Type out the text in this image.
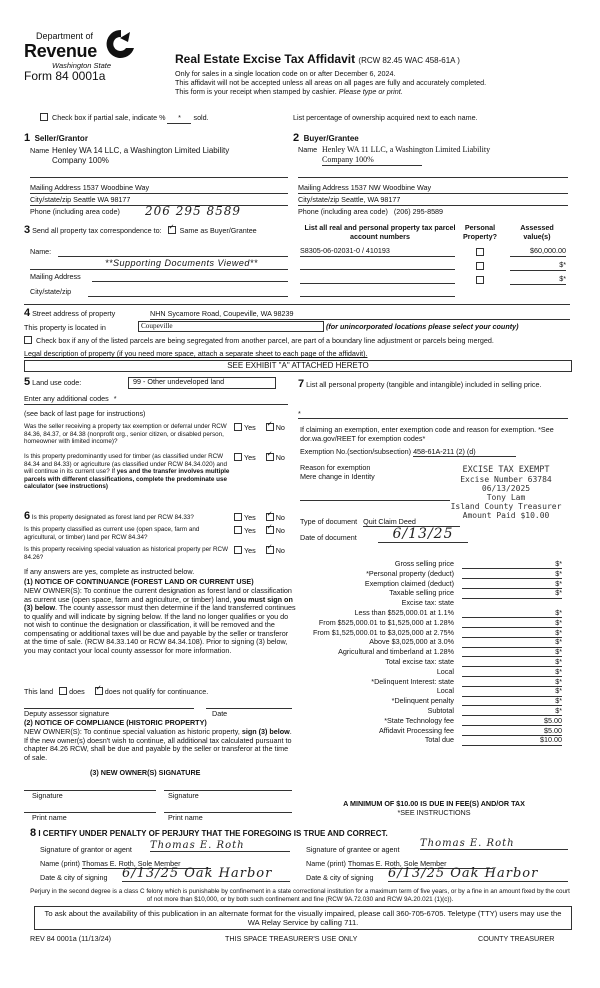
Department of
Revenue
Washington State
Form 84 0001a
Real Estate Excise Tax Affidavit (RCW 82.45 WAC 458-61A )
Only for sales in a single location code on or after December 6, 2024.
This affidavit will not be accepted unless all areas on all pages are fully and accurately completed.
This form is your receipt when stamped by cashier. Please type or print.
Check box if partial sale, indicate % * sold.	List percentage of ownership acquired next to each name.
1 Seller/Grantor
Name Henley WA 14 LLC, a Washington Limited Liability
Company 100%
Mailing Address 1537 Woodbine Way
City/state/zip Seattle WA 98177
Phone (including area code)	206 295 8589
2 Buyer/Grantee
Name Henley WA 11 LLC, a Washington Limited Liability
Company 100%
Mailing Address 1537 NW Woodbine Way
City/state/zip Seattle, WA 98177
Phone (including area code) (206) 295-8589
3 Send all property tax correspondence to: ✓	Same as Buyer/Grantee
Name:
**Supporting Documents Viewed**
Mailing Address
City/state/zip
List all real and personal property tax parcel account numbers
Personal Property?
Assessed value(s)
S8305-06-02031-0 / 410193	$60,000.00
$*
$*
4 Street address of property	NHN Sycamore Road, Coupeville, WA 98239
This property is located in	Coupeville	(for unincorporated locations please select your county)
Check box if any of the listed parcels are being segregated from another parcel, are part of a boundary line adjustment or parcels being merged.
Legal description of property (if you need more space, attach a separate sheet to each page of the affidavit).
SEE EXHIBIT "A" ATTACHED HERETO
5 Land use code:	99 - Other undeveloped land
Enter any additional codes *
(see back of last page for instructions)
Was the seller receiving a property tax exemption or deferral under RCW 84.36, 84.37, or 84.38 (nonprofit org., senior citizen, or disabled person, homeowner with limited income)?
Yes ✓	No
Is this property predominantly used for timber (as classified under RCW 84.34 and 84.33) or agriculture (as classified under RCW 84.34.020) and will continue in its current use? If yes and the transfer involves multiple parcels with different classifications, complete the predominate use calculator (see instructions)
Yes ✓	No
6 Is this property designated as forest land per RCW 84.33?	Yes ✓	No
Is this property classified as current use (open space, farm and agricultural, or timber) land per RCW 84.34?
Yes ✓	No
Is this property receiving special valuation as historical property per RCW 84.26?
Yes ✓	No
If any answers are yes, complete as instructed below.
(1) NOTICE OF CONTINUANCE (FOREST LAND OR CURRENT USE)
NEW OWNER(S): To continue the current designation as forest land or classification as current use (open space, farm and agriculture, or timber) land, you must sign on (3) below. The county assessor must then determine if the land transferred continues to qualify and will indicate by signing below. If the land no longer qualifies or you do not wish to continue the designation or classification, it will be removed and the compensating or additional taxes will be due and payable by the seller or transferor at the time of sale. (RCW 84.33.140 or RCW 84.34.108). Prior to signing (3) below, you may contact your local county assessor for more information.
This land does ✓	does not qualify for continuance.
Deputy assessor signature	Date
(2) NOTICE OF COMPLIANCE (HISTORIC PROPERTY)
NEW OWNER(S): To continue special valuation as historic property, sign (3) below. If the new owner(s) doesn't wish to continue, all additional tax calculated pursuant to chapter 84.26 RCW, shall be due and payable by the seller or transferor at the time of sale.
(3) NEW OWNER(S) SIGNATURE
Signature	Signature
Print name	Print name
7 List all personal property (tangible and intangible) included in selling price.
*
If claiming an exemption, enter exemption code and reason for exemption. *See dor.wa.gov/REET for exemption codes*
Exemption No.(section/subsection) 458-61A-211 (2) (d)
Reason for exemption
Mere change in Identity
EXCISE TAX EXEMPT
Excise Number 63784
06/13/2025
Tony Lam
Island County Treasurer
Amount Paid $10.00
Type of document Quit Claim Deed
Date of document	6/13/25
Gross selling price	$*
*Personal property (deduct)	$*
Exemption claimed (deduct)	$*
Taxable selling price	$*
Excise tax: state
Less than $525,000.01 at 1.1%	$*
From $525,000.01 to $1,525,000 at 1.28%	$*
From $1,525,000.01 to $3,025,000 at 2.75%	$*
Above $3,025,000 at 3.0%	$*
Agricultural and timberland at 1.28%	$*
Total excise tax: state	$*
Local	$*
*Delinquent Interest: state	$*
Local	$*
*Delinquent penalty	$*
Subtotal	$*
*State Technology fee	$5.00
Affidavit Processing fee	$5.00
Total due	$10.00
A MINIMUM OF $10.00 IS DUE IN FEE(S) AND/OR TAX
*SEE INSTRUCTIONS
8 I CERTIFY UNDER PENALTY OF PERJURY THAT THE FOREGOING IS TRUE AND CORRECT.
Signature of grantor or agent Thomas E. Roth	Signature of grantee or agent
Thomas E. Roth
Name (print) Thomas E. Roth, Sole Member	Name (print) Thomas E. Roth, Sole Member
Date & city of signing 6/13/25 Oak Harbor	Date & city of signing 6/13/25 Oak Harbor
Perjury in the second degree is a class C felony which is punishable by confinement in a state correctional institution for a maximum term of five years, or by a fine in an amount fixed by the court of not more than $10,000, or by both such confinement and fine (RCW 9A.72.030 and RCW 9A.20.021 (1)(c)).
To ask about the availability of this publication in an alternate format for the visually impaired, please call 360-705-6705. Teletype (TTY) users may use the WA Relay Service by calling 711.
REV 84 0001a (11/13/24)	THIS SPACE TREASURER'S USE ONLY	COUNTY TREASURER
